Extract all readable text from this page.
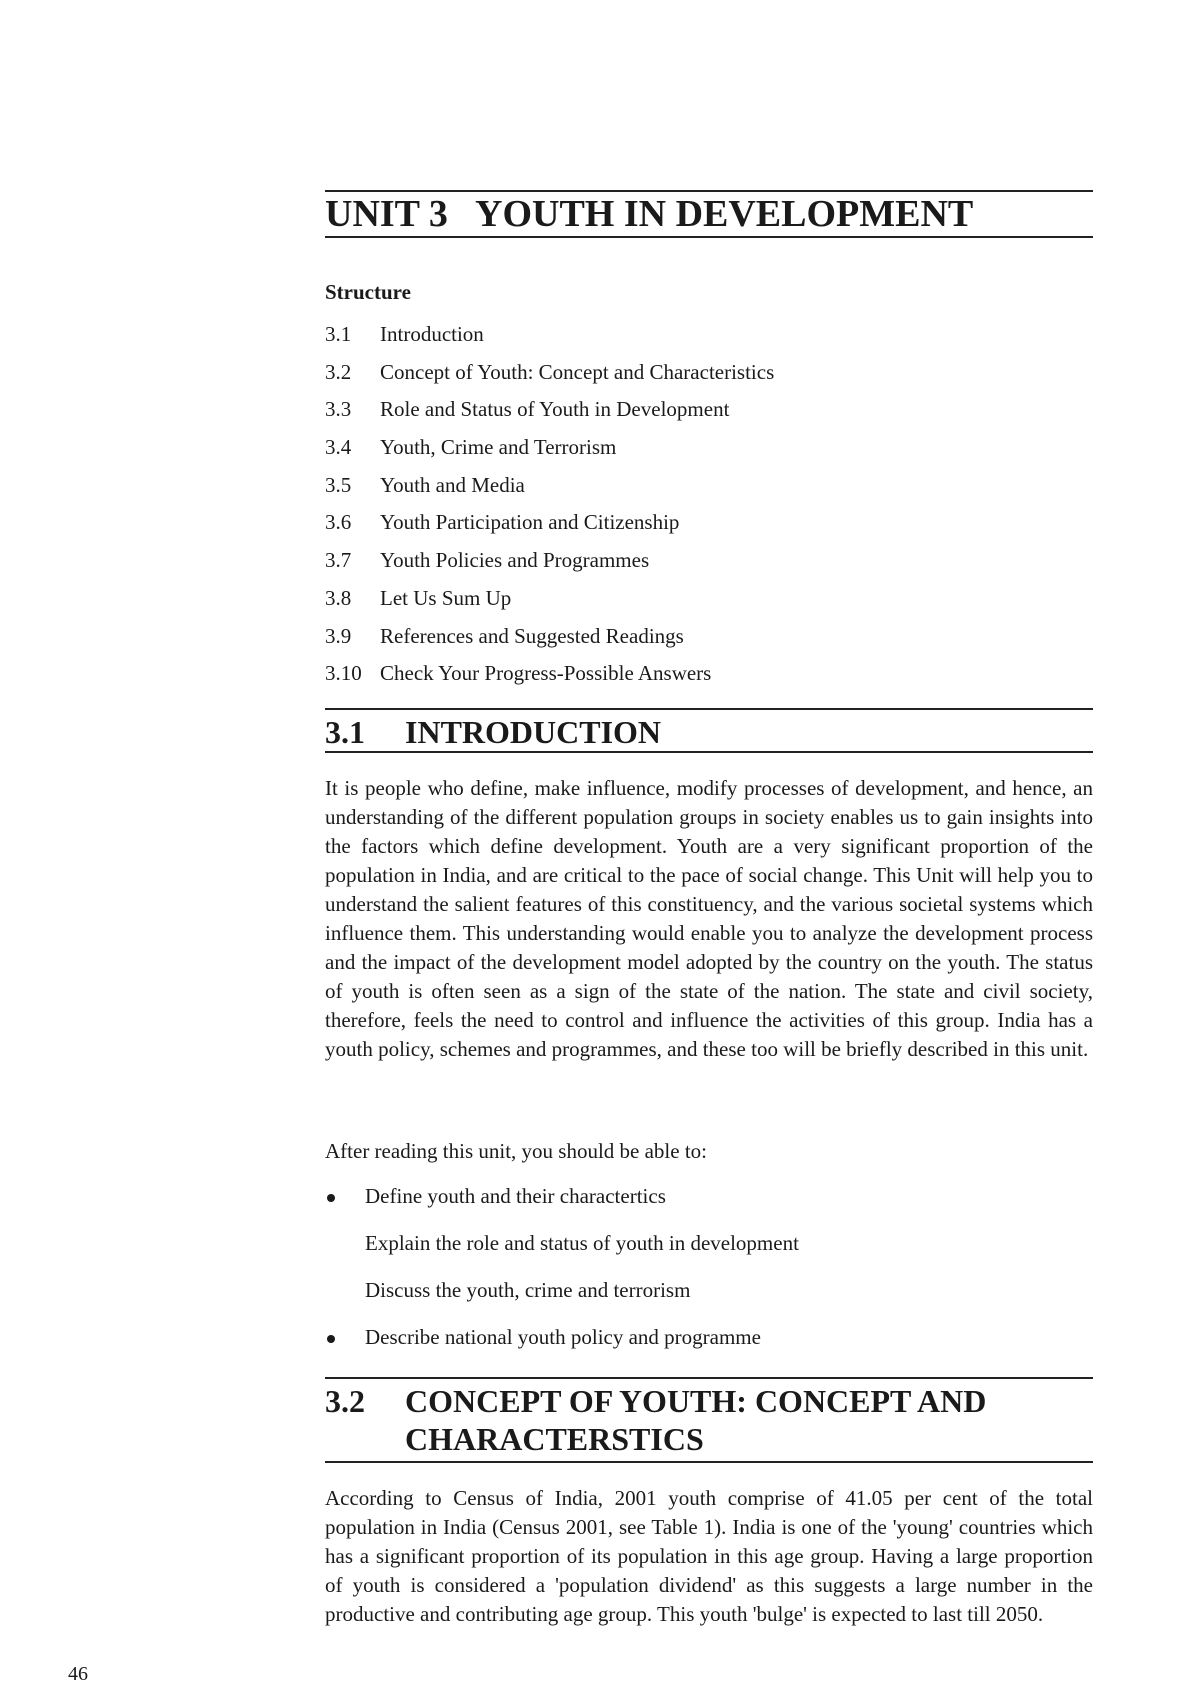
UNIT 3 YOUTH IN DEVELOPMENT
Structure
3.1 Introduction
3.2 Concept of Youth: Concept and Characteristics
3.3 Role and Status of Youth in Development
3.4 Youth, Crime and Terrorism
3.5 Youth and Media
3.6 Youth Participation and Citizenship
3.7 Youth Policies and Programmes
3.8 Let Us Sum Up
3.9 References and Suggested Readings
3.10 Check Your Progress-Possible Answers
3.1 INTRODUCTION

It is people who define, make influence, modify processes of development, and hence, an understanding of the different population groups in society enables us to gain insights into the factors which define development. Youth are a very significant proportion of the population in India, and are critical to the pace of social change. This Unit will help you to understand the salient features of this constituency, and the various societal systems which influence them. This understanding would enable you to analyze the development process and the impact of the development model adopted by the country on the youth. The status of youth is often seen as a sign of the state of the nation. The state and civil society, therefore, feels the need to control and influence the activities of this group. India has a youth policy, schemes and programmes, and these too will be briefly described in this unit.

After reading this unit, you should be able to:

Define youth and their charactertics
Explain the role and status of youth in development
Discuss the youth, crime and terrorism
Describe national youth policy and programme
3.2 CONCEPT OF YOUTH: CONCEPT AND CHARACTERSTICS

According to Census of India, 2001 youth comprise of 41.05 per cent of the total population in India (Census 2001, see Table 1). India is one of the 'young' countries which has a significant proportion of its population in this age group. Having a large proportion of youth is considered a 'population dividend' as this suggests a large number in the productive and contributing age group. This youth 'bulge' is expected to last till 2050.

46
